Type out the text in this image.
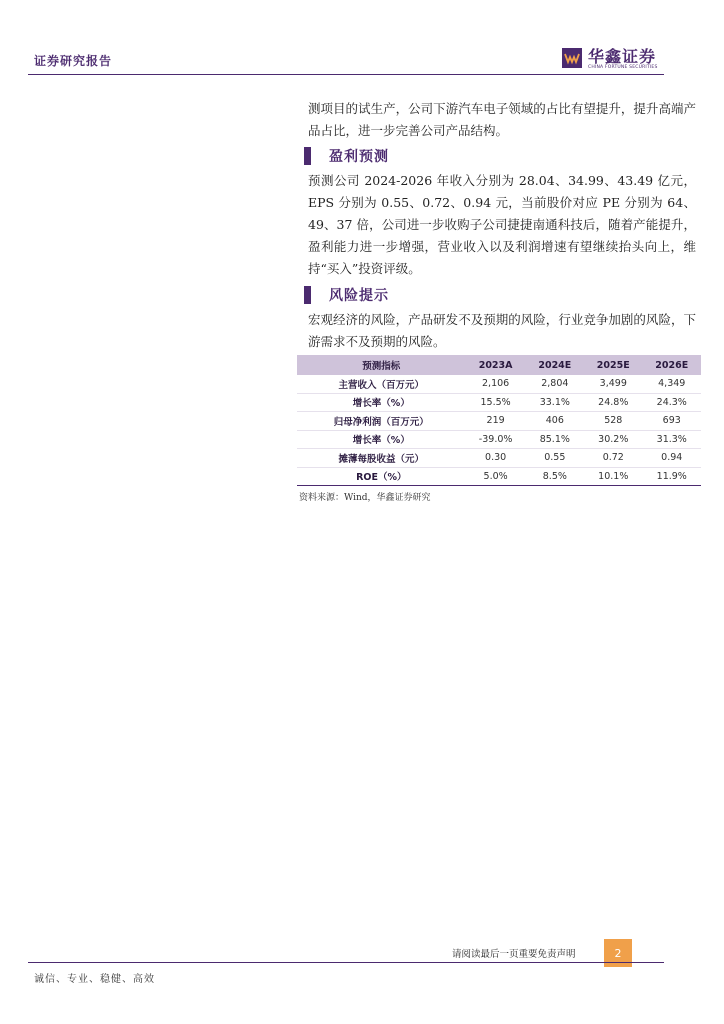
证券研究报告	华鑫证券
CHINA FORTUNE SECURITIES

测项目的试生产，公司下游汽车电子领域的占比有望提升，提升高端产品占比，进一步完善公司产品结构。

盈利预测

预测公司 2024-2026 年收入分别为 28.04、34.99、43.49 亿元，EPS 分别为 0.55、0.72、0.94 元，当前股价对应 PE 分别为 64、49、37 倍，公司进一步收购子公司捷捷南通科技后，随着产能提升，盈利能力进一步增强，营业收入以及利润增速有望继续抬头向上，维持“买入”投资评级。

风险提示

宏观经济的风险，产品研发不及预期的风险，行业竞争加剧的风险，下游需求不及预期的风险。

预测指标	2023A	2024E	2025E	2026E
主营收入（百万元）	2,106	2,804	3,499	4,349
增长率（%）	15.5%	33.1%	24.8%	24.3%
归母净利润（百万元）	219	406	528	693
增长率（%）	-39.0%	85.1%	30.2%	31.3%
摊薄每股收益（元）	0.30	0.55	0.72	0.94
ROE（%）	5.0%	8.5%	10.1%	11.9%
资料来源：Wind，华鑫证券研究
请阅读最后一页重要免责声明	2
诚信、专业、稳健、高效
